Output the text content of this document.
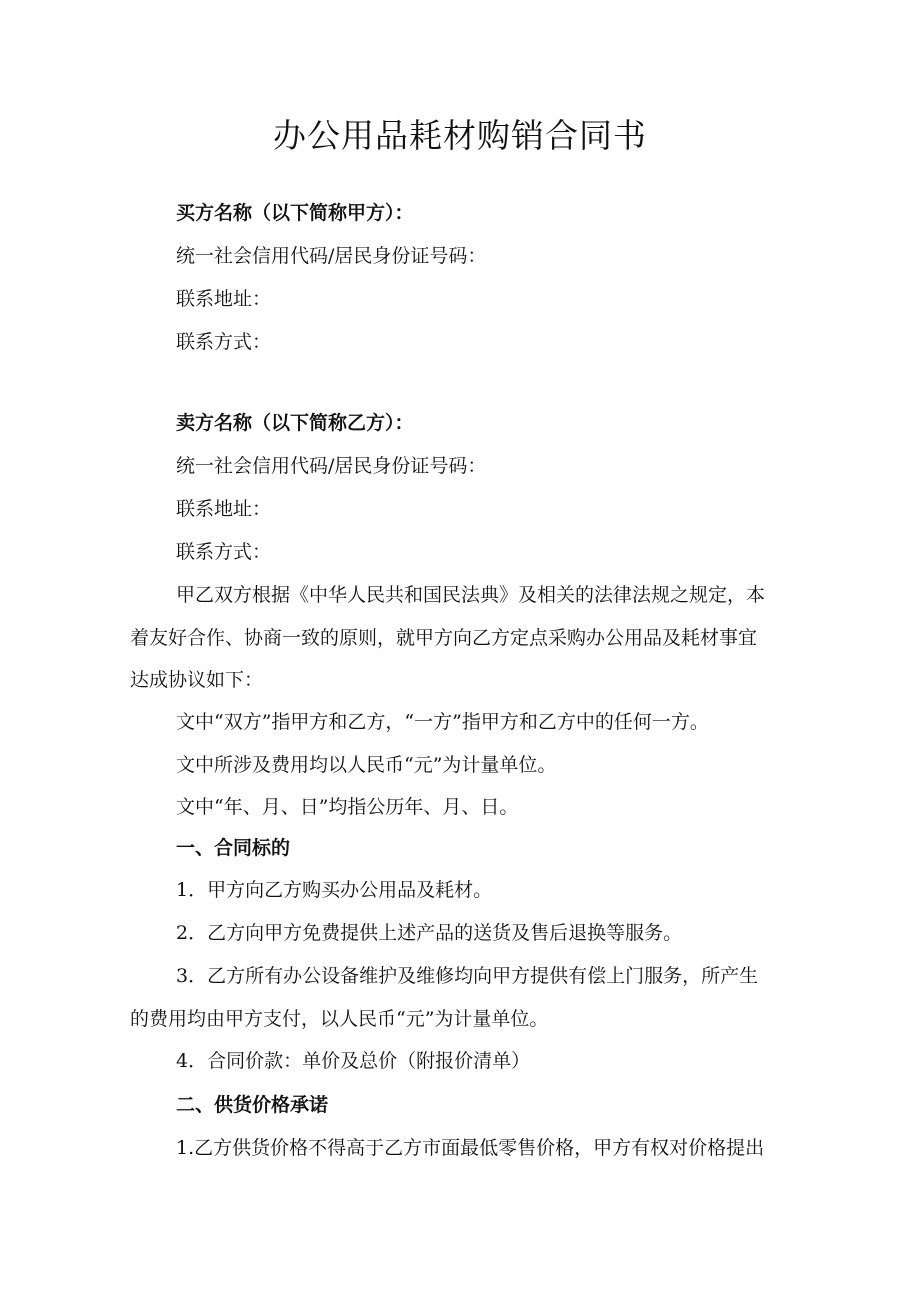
办公用品耗材购销合同书

买方名称（以下简称甲方）：

统一社会信用代码/居民身份证号码：

联系地址：

联系方式：

卖方名称（以下简称乙方）：

统一社会信用代码/居民身份证号码：

联系地址：

联系方式：

甲乙双方根据《中华人民共和国民法典》及相关的法律法规之规定，本

着友好合作、协商一致的原则，就甲方向乙方定点采购办公用品及耗材事宜

达成协议如下：

文中“双方”指甲方和乙方，“一方”指甲方和乙方中的任何一方。

文中所涉及费用均以人民币“元”为计量单位。

文中“年、月、日”均指公历年、月、日。

一、合同标的

1．甲方向乙方购买办公用品及耗材。

2．乙方向甲方免费提供上述产品的送货及售后退换等服务。

3．乙方所有办公设备维护及维修均向甲方提供有偿上门服务，所产生

的费用均由甲方支付，以人民币“元”为计量单位。

4．合同价款：单价及总价（附报价清单）

二、供货价格承诺

1.乙方供货价格不得高于乙方市面最低零售价格，甲方有权对价格提出
